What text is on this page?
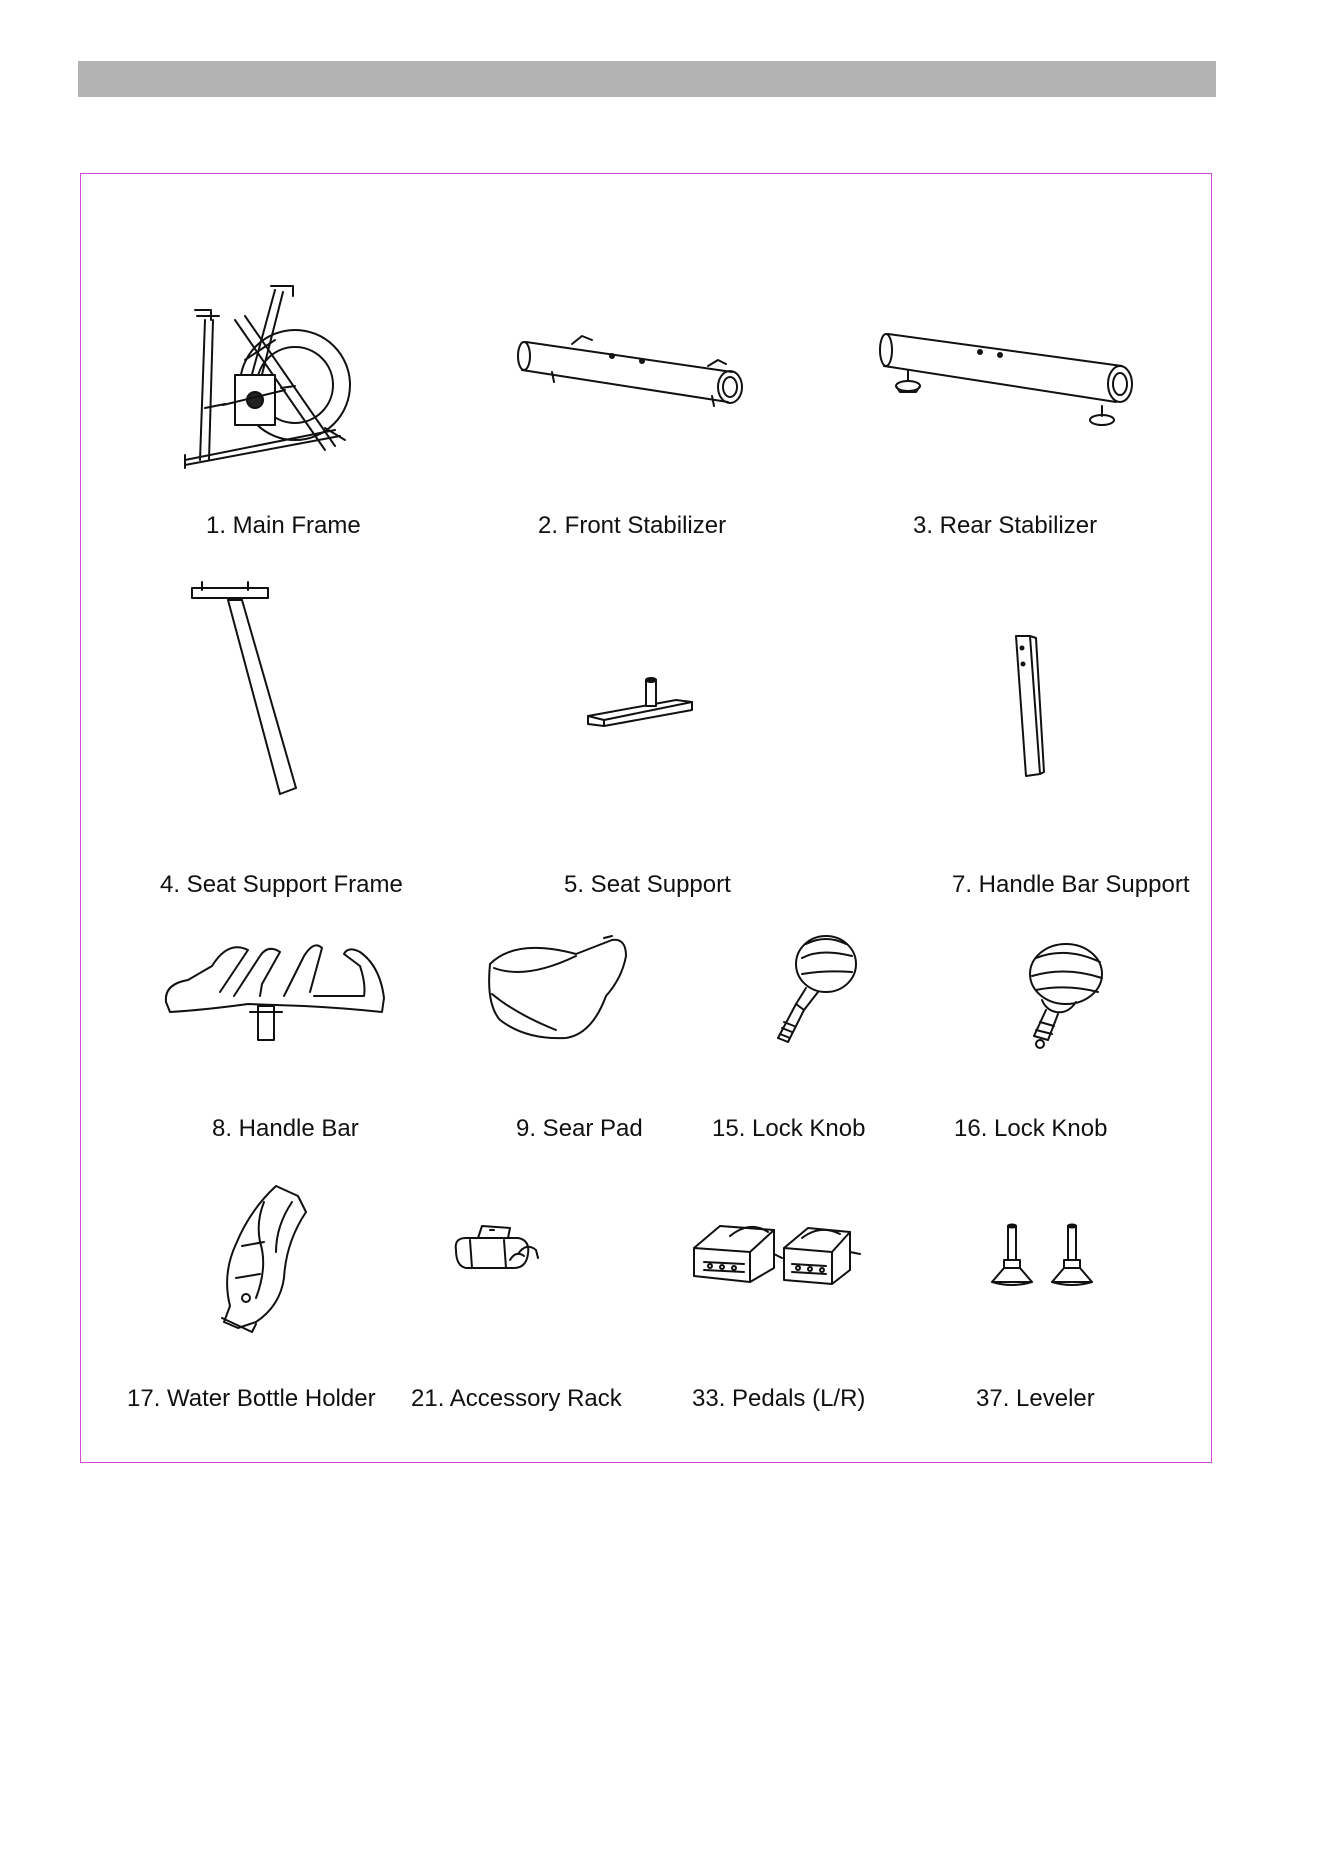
1. Main Frame	2. Front Stabilizer	3. Rear Stabilizer
4. Seat Support Frame	5. Seat Support	7. Handle Bar Support
8. Handle Bar	9. Sear Pad	15. Lock Knob	16. Lock Knob
17. Water Bottle Holder 21. Accessory Rack	33. Pedals (L/R)	37. Leveler
